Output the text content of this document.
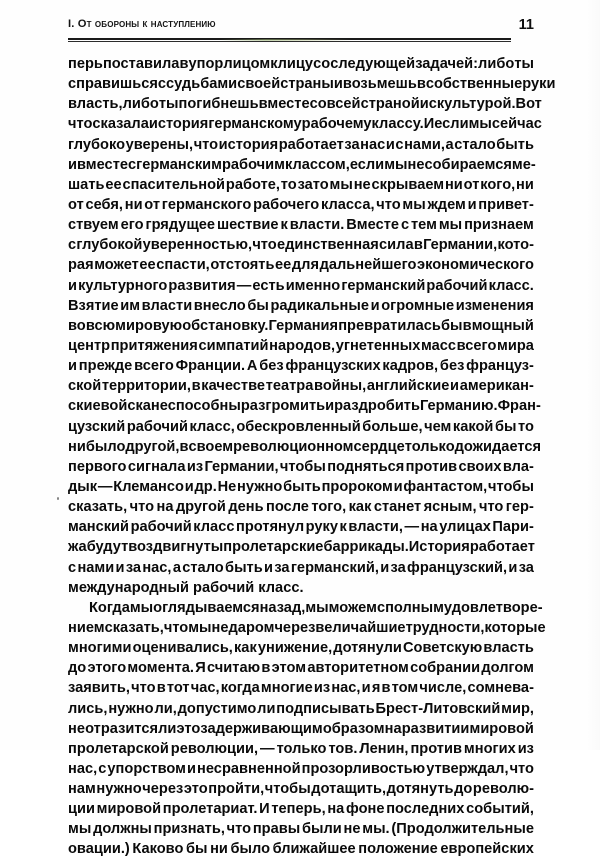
I. От обороны к наступлению	11
перь поставила в упор лицом к лицу со следующей задачей: либо ты
справишься с судьбами своей страны и возьмешь в собственные руки
власть, либо ты погибнешь вместе со всей страной и с культурой. Вот
что сказала история германскому рабочему классу. И если мы сейчас
глубоко уверены, что история работает за нас и с нами, а стало быть
и вместе с германским рабочим классом, если мы не собираемся ме-
шать ее спасительной работе, то зато мы не скрываем ни от кого, ни
от себя, ни от германского рабочего класса, что мы ждем и привет-
ствуем его грядущее шествие к власти. Вместе с тем мы признаем
с глубокой уверенностью, что единственная сила в Германии, кото-
рая может ее спасти, отстоять ее для дальнейшего экономического
и культурного развития — есть именно германский рабочий класс.
Взятие им власти внесло бы радикальные и огромные изменения
во всю мировую обстановку. Германия превратилась бы в мощный
центр притяжения симпатий народов, угнетенных масс всего мира
и прежде всего Франции. А без французских кадров, без француз-
ской территории, в качестве театра войны, английские и американ-
ские войска неспособны разгромить и раздробить Германию. Фран-
цузский рабочий класс, обескровленный больше, чем какой бы то
ни было другой, в своем революционном сердце только дожидается
первого сигнала из Германии, чтобы подняться против своих вла-
дык — Клемансо и др. Не нужно быть пророком и фантастом, чтобы
сказать, что на другой день после того, как станет ясным, что гер-
манский рабочий класс протянул руку к власти, — на улицах Пари-
жа будут воздвигнуты пролетарские баррикады. История работает
с нами и за нас, а стало быть и за германский, и за французский, и за
международный рабочий класс.
Когда мы оглядываемся назад, мы можем с полным удовлетворе-
нием сказать, что мы недаром через величайшие трудности, которые
многими оценивались, как унижение, дотянули Советскую власть
до этого момента. Я считаю в этом авторитетном собрании долгом
заявить, что в тот час, когда многие из нас, и я в том числе, сомнева-
лись, нужно ли, допустимо ли подписывать Брест-Литовский мир,
не отразится ли это задерживающим образом на развитии мировой
пролетарской революции, — только тов. Ленин, против многих из
нас, с упорством и несравненной прозорливостью утверждал, что
нам нужно через это пройти, чтобы дотащить, дотянуть до револю-
ции мировой пролетариат. И теперь, на фоне последних событий,
мы должны признать, что правы были не мы. (Продолжительные
овации.) Каково бы ни было ближайшее положение европейских
